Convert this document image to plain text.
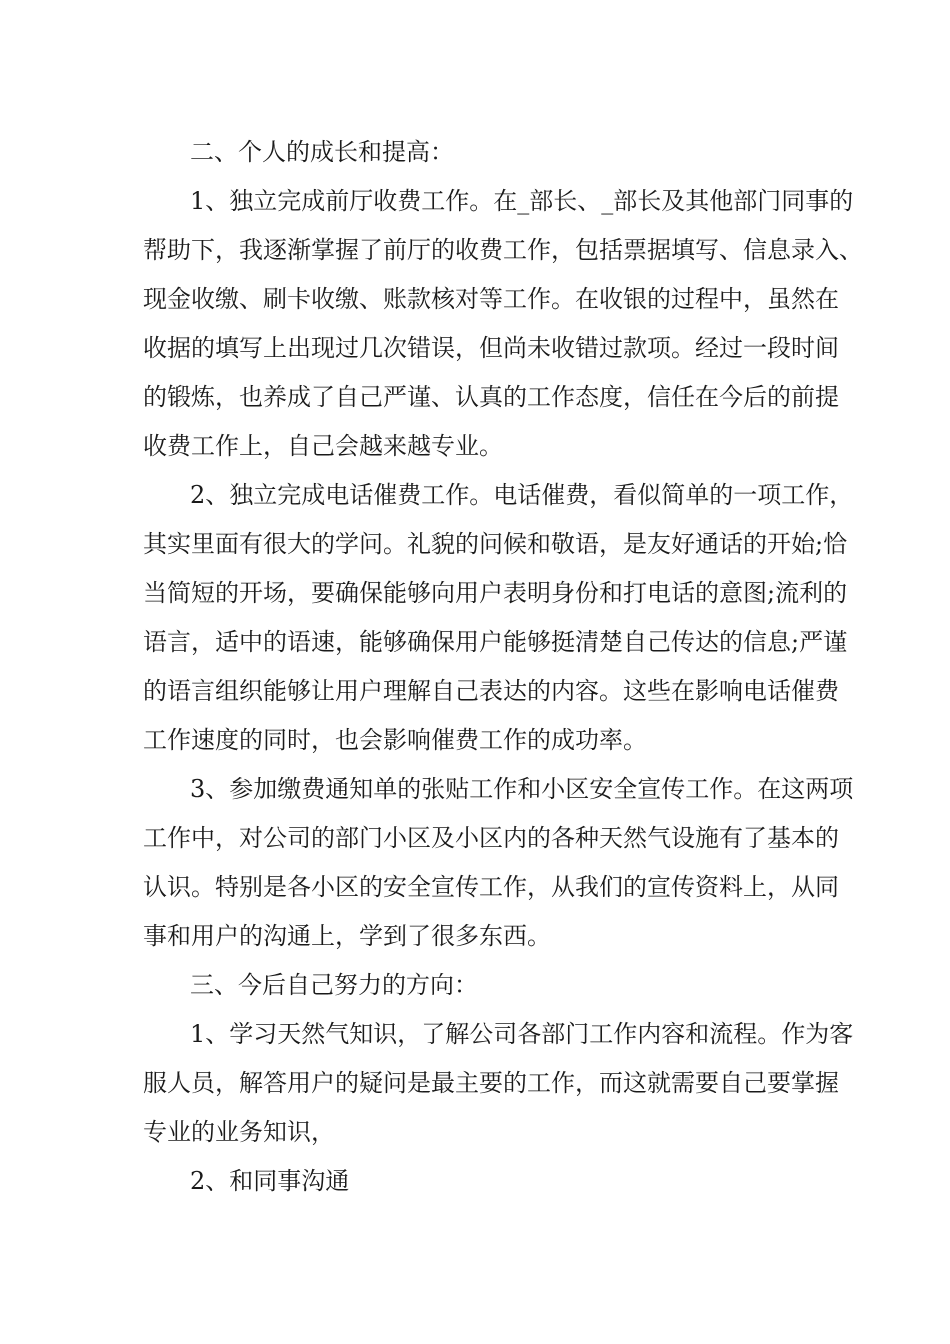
二、个人的成长和提高：
1、独立完成前厅收费工作。在_部长、_部长及其他部门同事的
帮助下，我逐渐掌握了前厅的收费工作，包括票据填写、信息录入、
现金收缴、刷卡收缴、账款核对等工作。在收银的过程中，虽然在
收据的填写上出现过几次错误，但尚未收错过款项。经过一段时间
的锻炼，也养成了自己严谨、认真的工作态度，信任在今后的前提
收费工作上，自己会越来越专业。
2、独立完成电话催费工作。电话催费，看似简单的一项工作，
其实里面有很大的学问。礼貌的问候和敬语，是友好通话的开始;恰
当简短的开场，要确保能够向用户表明身份和打电话的意图;流利的
语言，适中的语速，能够确保用户能够挺清楚自己传达的信息;严谨
的语言组织能够让用户理解自己表达的内容。这些在影响电话催费
工作速度的同时，也会影响催费工作的成功率。
3、参加缴费通知单的张贴工作和小区安全宣传工作。在这两项
工作中，对公司的部门小区及小区内的各种天然气设施有了基本的
认识。特别是各小区的安全宣传工作，从我们的宣传资料上，从同
事和用户的沟通上，学到了很多东西。
三、今后自己努力的方向：
1、学习天然气知识，了解公司各部门工作内容和流程。作为客
服人员，解答用户的疑问是最主要的工作，而这就需要自己要掌握
专业的业务知识，
2、和同事沟通
